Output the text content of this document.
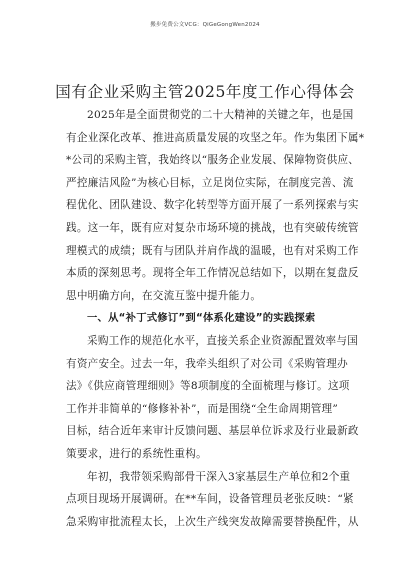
搬步免费公文VCG：QiGeGongWen2024
国有企业采购主管2025年度工作心得体会
2025年是全面贯彻党的二十大精神的关键之年，也是国
有企业深化改革、推进高质量发展的攻坚之年。作为集团下属*
*公司的采购主管，我始终以“服务企业发展、保障物资供应、
严控廉洁风险”为核心目标，立足岗位实际，在制度完善、流
程优化、团队建设、数字化转型等方面开展了一系列探索与实
践。这一年，既有应对复杂市场环境的挑战，也有突破传统管
理模式的成绩；既有与团队并肩作战的温暖，也有对采购工作
本质的深刻思考。现将全年工作情况总结如下，以期在复盘反
思中明确方向，在交流互鉴中提升能力。
一、从“补丁式修订”到“体系化建设”的实践探索
采购工作的规范化水平，直接关系企业资源配置效率与国
有资产安全。过去一年，我牵头组织了对公司《采购管理办
法》《供应商管理细则》等8项制度的全面梳理与修订。这项
工作并非简单的“修修补补”，而是围绕“全生命周期管理”
目标，结合近年来审计反馈问题、基层单位诉求及行业最新政
策要求，进行的系统性重构。
年初，我带领采购部骨干深入3家基层生产单位和2个重
点项目现场开展调研。在**车间，设备管理员老张反映：“紧
急采购审批流程太长，上次生产线突发故障需要替换配件，从
